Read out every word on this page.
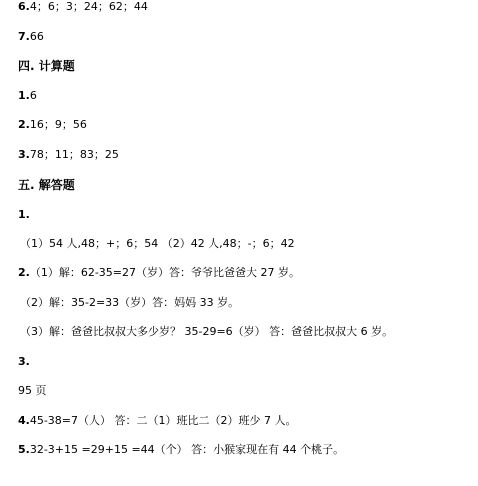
6.4；6；3；24；62；44
7.66
四. 计算题
1.6
2.16；9；56
3.78；11；83；25
五. 解答题
1.
（1）54 人,48；+；6；54 （2）42 人,48；-；6；42
2.（1）解：62-35=27（岁）答：爷爷比爸爸大 27 岁。
（2）解：35-2=33（岁）答：妈妈 33 岁。
（3）解：爸爸比叔叔大多少岁？ 35-29=6（岁） 答：爸爸比叔叔大 6 岁。
3.
95 页
4.45-38=7（人） 答：二（1）班比二（2）班少 7 人。
5.32-3+15 =29+15 =44（个） 答：小猴家现在有 44 个桃子。
